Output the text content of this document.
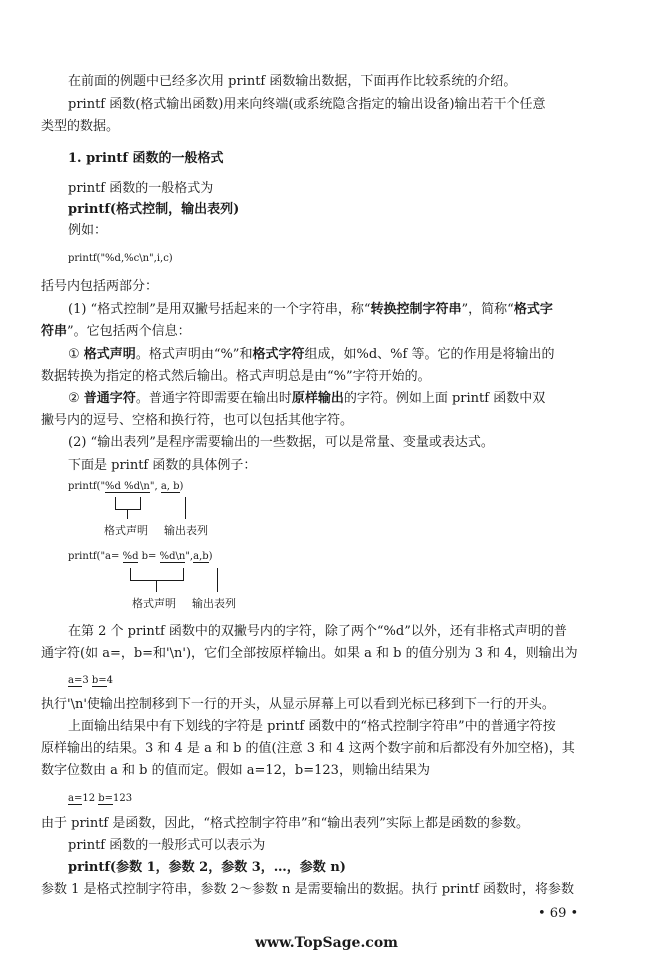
在前面的例题中已经多次用 printf 函数输出数据，下面再作比较系统的介绍。
printf 函数(格式输出函数)用来向终端(或系统隐含指定的输出设备)输出若干个任意
类型的数据。
1. printf 函数的一般格式
printf 函数的一般格式为
printf(格式控制，输出表列)
例如：
printf("%d,%c\n",i,c)
括号内包括两部分：
(1) “格式控制”是用双撇号括起来的一个字符串，称“转换控制字符串”，简称“格式字
符串”。它包括两个信息：
① 格式声明。格式声明由“%”和格式字符组成，如%d、%f 等。它的作用是将输出的
数据转换为指定的格式然后输出。格式声明总是由“%”字符开始的。
② 普通字符。普通字符即需要在输出时原样输出的字符。例如上面 printf 函数中双
撇号内的逗号、空格和换行符，也可以包括其他字符。
(2) “输出表列”是程序需要输出的一些数据，可以是常量、变量或表达式。
下面是 printf 函数的具体例子：
printf("%d %d\n", a, b)
格式声明 输出表列
printf("a= %d b= %d\n",a,b)
格式声明 输出表列
在第 2 个 printf 函数中的双撇号内的字符，除了两个“%d”以外，还有非格式声明的普
通字符(如 a=，b=和'\n')，它们全部按原样输出。如果 a 和 b 的值分别为 3 和 4，则输出为
a=3 b=4
执行'\n'使输出控制移到下一行的开头，从显示屏幕上可以看到光标已移到下一行的开头。
上面输出结果中有下划线的字符是 printf 函数中的“格式控制字符串”中的普通字符按
原样输出的结果。3 和 4 是 a 和 b 的值(注意 3 和 4 这两个数字前和后都没有外加空格)，其
数字位数由 a 和 b 的值而定。假如 a=12，b=123，则输出结果为
a=12 b=123
由于 printf 是函数，因此，“格式控制字符串”和“输出表列”实际上都是函数的参数。
printf 函数的一般形式可以表示为
printf(参数 1，参数 2，参数 3，…，参数 n)
参数 1 是格式控制字符串，参数 2～参数 n 是需要输出的数据。执行 printf 函数时，将参数
• 69 •
www.TopSage.com
